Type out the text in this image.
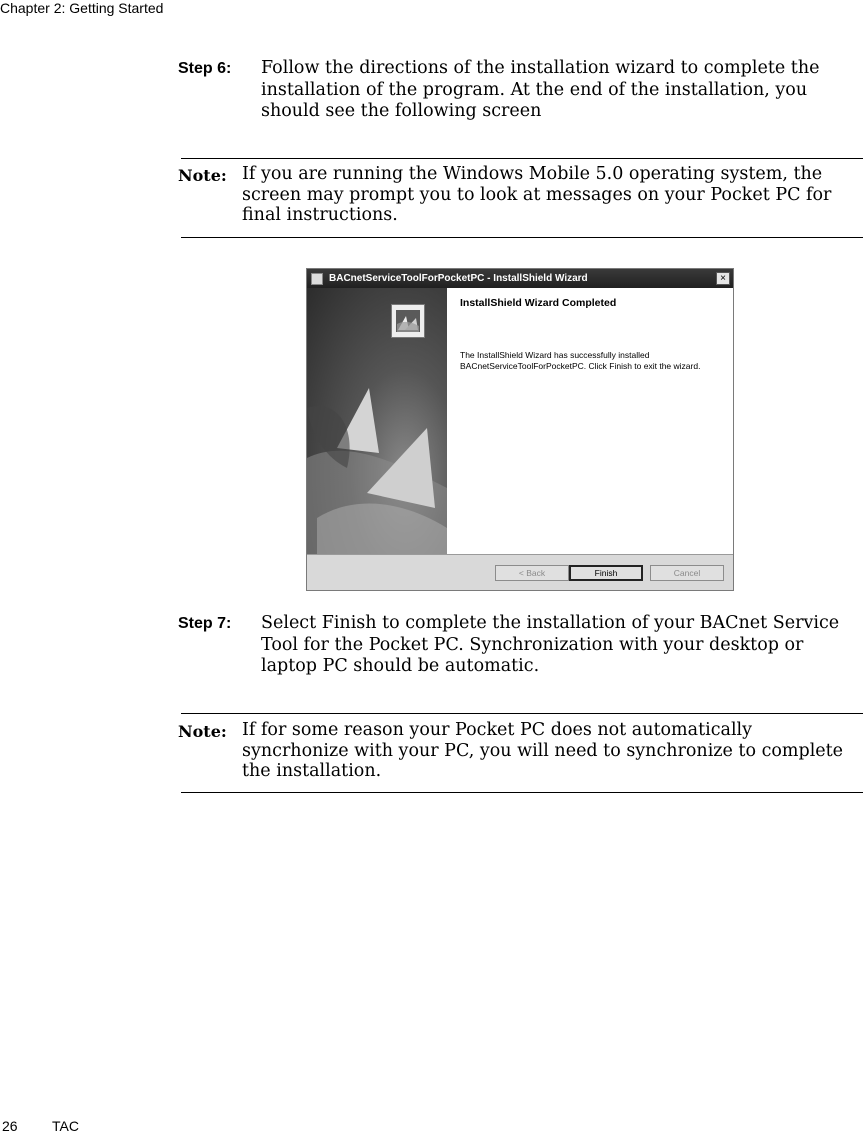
Chapter 2: Getting Started
Step 6: Follow the directions of the installation wizard to complete the installation of the program. At the end of the installation, you should see the following screen
Note: If you are running the Windows Mobile 5.0 operating system, the screen may prompt you to look at messages on your Pocket PC for final instructions.
BACnetServiceToolForPocketPC - InstallShield Wizard	×
InstallShield Wizard Completed
The InstallShield Wizard has successfully installed BACnetServiceToolForPocketPC. Click Finish to exit the wizard.
< Back	Finish	Cancel
Step 7: Select Finish to complete the installation of your BACnet Service Tool for the Pocket PC. Synchronization with your desktop or laptop PC should be automatic.
Note: If for some reason your Pocket PC does not automatically syncrhonize with your PC, you will need to synchronize to complete the installation.
26 TAC
